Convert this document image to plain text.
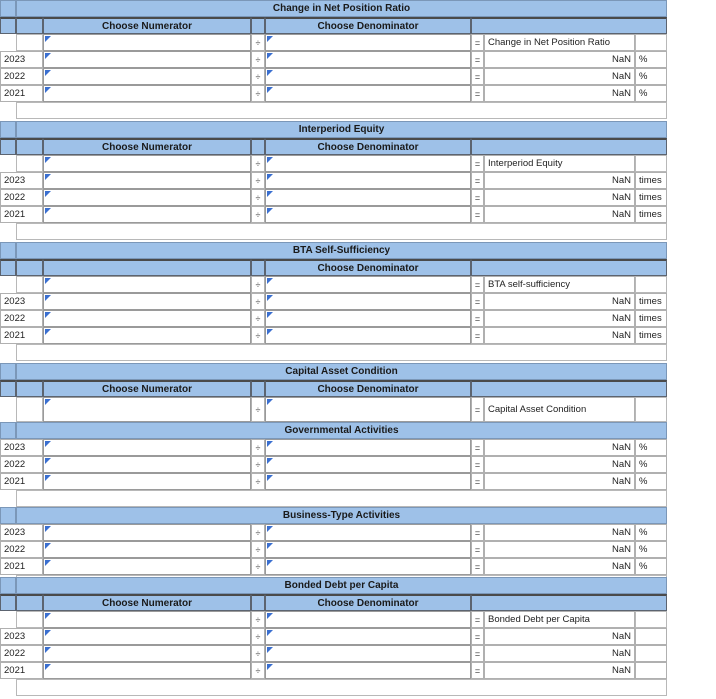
Change in Net Position Ratio
Choose Numerator	Choose Denominator
÷	= Change in Net Position Ratio
2023	÷	=	NaN %
2022	÷	=	NaN %
2021	÷	=	NaN %
Interperiod Equity
Choose Numerator	Choose Denominator
÷	= Interperiod Equity
2023	÷	=	NaN times
2022	÷	=	NaN times
2021	÷	=	NaN times
BTA Self-Sufficiency
Choose Denominator
÷	= BTA self-sufficiency
2023	÷	=	NaN times
2022	÷	=	NaN times
2021	÷	=	NaN times
Capital Asset Condition
Choose Numerator	Choose Denominator
÷	= Capital Asset Condition
Governmental Activities
2023	÷	=	NaN %
2022	÷	=	NaN %
2021	÷	=	NaN %
Business-Type Activities
2023	÷	=	NaN %
2022	÷	=	NaN %
2021	÷	=	NaN %
Bonded Debt per Capita
Choose Numerator	Choose Denominator
÷	= Bonded Debt per Capita
2023	÷	=	NaN
2022	÷	=	NaN
2021	÷	=	NaN
